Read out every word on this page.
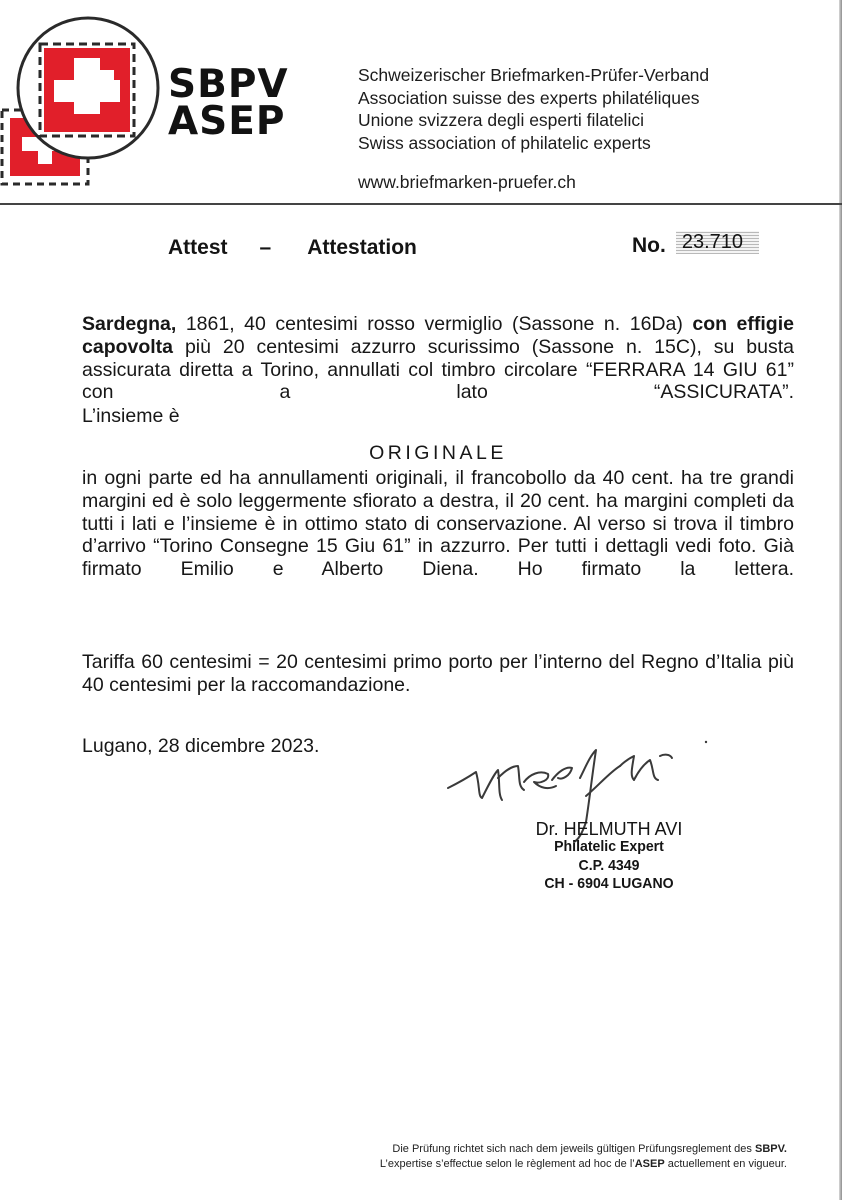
SBPV
ASEP
Schweizerischer Briefmarken-Prüfer-Verband
Association suisse des experts philatéliques
Unione svizzera degli esperti filatelici
Swiss association of philatelic experts
www.briefmarken-pruefer.ch
Attest – Attestation	No. 23.710
Sardegna, 1861, 40 centesimi rosso vermiglio (Sassone n. 16Da) con effigie capovolta più 20 centesimi azzurro scurissimo (Sassone n. 15C), su busta assicurata diretta a Torino, annullati col timbro circolare “FERRARA 14 GIU 61” con a lato “ASSICURATA”.
L’insieme è
ORIGINALE
in ogni parte ed ha annullamenti originali, il francobollo da 40 cent. ha tre grandi margini ed è solo leggermente sfiorato a destra, il 20 cent. ha margini completi da tutti i lati e l’insieme è in ottimo stato di conservazione. Al verso si trova il timbro d’arrivo “Torino Consegne 15 Giu 61” in azzurro. Per tutti i dettagli vedi foto. Già firmato Emilio e Alberto Diena. Ho firmato la lettera.
Tariffa 60 centesimi = 20 centesimi primo porto per l’interno del Regno d’Italia più 40 centesimi per la raccomandazione.
Lugano, 28 dicembre 2023.
Dr. HELMUTH AVI
Philatelic Expert
C.P. 4349
CH - 6904 LUGANO
Die Prüfung richtet sich nach dem jeweils gültigen Prüfungsreglement des SBPV.
L’expertise s’effectue selon le règlement ad hoc de l’ASEP actuellement en vigueur.
